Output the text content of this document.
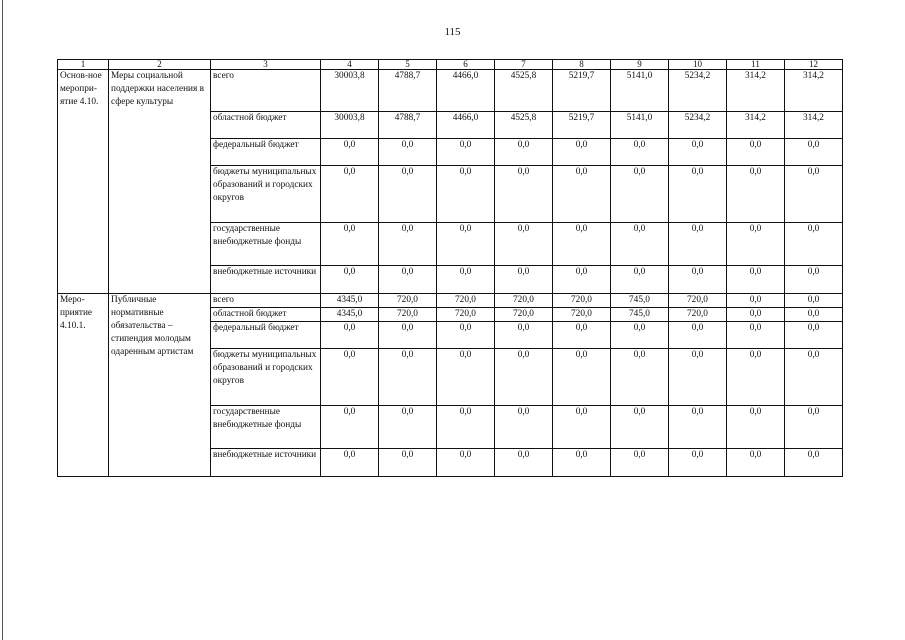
115
1	2	3	4	5	6	7	8	9	10	11	12
Основ-ное меропри-ятие 4.10.	Меры социальной поддержки населения в сфере культуры	всего	30003,8	4788,7	4466,0	4525,8	5219,7	5141,0	5234,2	314,2	314,2
		областной бюджет	30003,8	4788,7	4466,0	4525,8	5219,7	5141,0	5234,2	314,2	314,2
		федеральный бюджет	0,0	0,0	0,0	0,0	0,0	0,0	0,0	0,0	0,0
		бюджеты муниципальных образований и городских округов	0,0	0,0	0,0	0,0	0,0	0,0	0,0	0,0	0,0
		государственные внебюджетные фонды	0,0	0,0	0,0	0,0	0,0	0,0	0,0	0,0	0,0
		внебюджетные источники	0,0	0,0	0,0	0,0	0,0	0,0	0,0	0,0	0,0
Меро-приятие 4.10.1.	Публичные нормативные обязательства – стипендия молодым одаренным артистам	всего	4345,0	720,0	720,0	720,0	720,0	745,0	720,0	0,0	0,0
		областной бюджет	4345,0	720,0	720,0	720,0	720,0	745,0	720,0	0,0	0,0
		федеральный бюджет	0,0	0,0	0,0	0,0	0,0	0,0	0,0	0,0	0,0
		бюджеты муниципальных образований и городских округов	0,0	0,0	0,0	0,0	0,0	0,0	0,0	0,0	0,0
		государственные внебюджетные фонды	0,0	0,0	0,0	0,0	0,0	0,0	0,0	0,0	0,0
		внебюджетные источники	0,0	0,0	0,0	0,0	0,0	0,0	0,0	0,0	0,0
